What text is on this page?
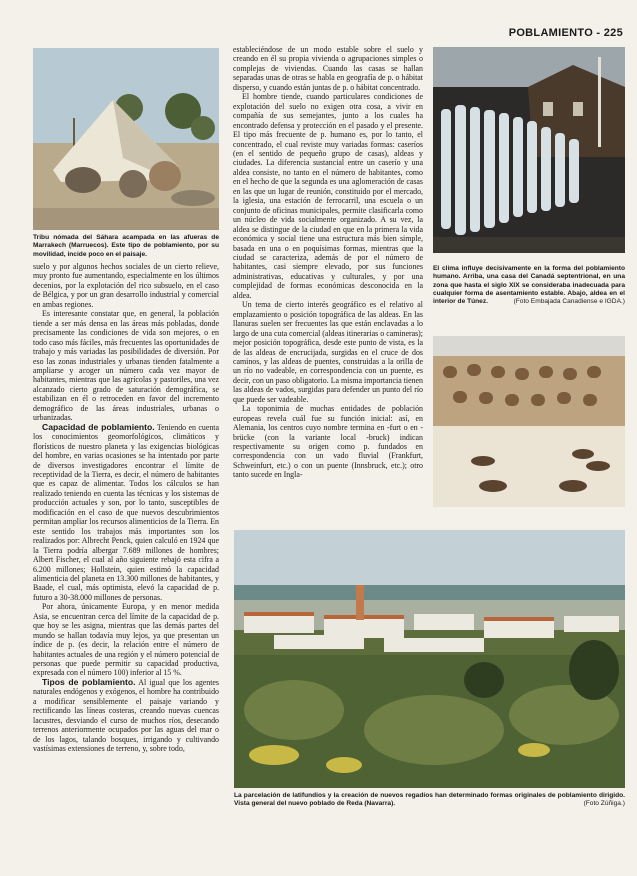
POBLAMIENTO - 225
Tribu nómada del Sáhara acampada en las afueras de Marrakech (Marruecos). Este tipo de poblamiento, por su movilidad, incide poco en el paisaje.
El clima influye decisivamente en la forma del poblamiento humano. Arriba, una casa del Canadá septentrional, en una zona que hasta el siglo XIX se consideraba inadecuada para cualquier forma de asentamiento estable. Abajo, aldea en el interior de Túnez.	(Foto Embajada Canadiense e IGDA.)
La parcelación de latifundios y la creación de nuevos regadíos han determinado formas originales de poblamiento dirigido. Vista general del nuevo poblado de Reda (Navarra).	(Foto Zúñiga.)

suelo y por algunos hechos sociales de un cierto relieve, muy pronto fue aumentando, especialmente en los últimos decenios, por la explotación del rico subsuelo, en el caso de Bélgica, y por un gran desarrollo industrial y comercial en ambas regiones.

Es interesante constatar que, en general, la población tiende a ser más densa en las áreas más pobladas, donde precisamente las condiciones de vida son mejores, o en todo caso más fáciles, más frecuentes las oportunidades de trabajo y más variadas las posibilidades de diversión. Por eso las zonas industriales y urbanas tienden fatalmente a ampliarse y acoger un número cada vez mayor de habitantes, mientras que las agrícolas y pastoriles, una vez alcanzado cierto grado de saturación demográfica, se estabilizan en él o retroceden en favor del incremento demográfico de las áreas industriales, urbanas o urbanizadas.

Capacidad de poblamiento. Teniendo en cuenta los conocimientos geomorfológicos, climáticos y florísticos de nuestro planeta y las exigencias biológicas del hombre, en varias ocasiones se ha intentado por parte de diversos investigadores encontrar el límite de receptividad de la Tierra, es decir, el número de habitantes que es capaz de alimentar. Todos los cálculos se han realizado teniendo en cuenta las técnicas y los sistemas de producción actuales y son, por lo tanto, susceptibles de modificación en el caso de que nuevos descubrimientos permitan ampliar los recursos alimenticios de la Tierra. En este sentido los trabajos más importantes son los realizados por: Albrecht Penck, quien calculó en 1924 que la Tierra podría albergar 7.689 millones de hombres; Albert Fischer, el cual al año siguiente rebajó esta cifra a 6.200 millones; Hollstein, quien estimó la capacidad alimenticia del planeta en 13.300 millones de habitantes, y Baade, el cual, más optimista, elevó la capacidad de p. futuro a 30-38.000 millones de personas.

Por ahora, únicamente Europa, y en menor medida Asia, se encuentran cerca del límite de la capacidad de p. que hoy se les asigna, mientras que las demás partes del mundo se hallan todavía muy lejos, ya que presentan un índice de p. (es decir, la relación entre el número de habitantes actuales de una región y el número potencial de personas que puede permitir su capacidad productiva, expresada con el número 100) inferior al 15 %.

Tipos de poblamiento. Al igual que los agentes naturales endógenos y exógenos, el hombre ha contribuido a modificar sensiblemente el paisaje variando y rectificando las líneas costeras, creando nuevas cuencas lacustres, desviando el curso de muchos ríos, desecando terrenos anteriormente ocupados por las aguas del mar o de los lagos, talando bosques, irrigando y cultivando vastísimas extensiones de terreno, y, sobre todo,

estableciéndose de un modo estable sobre el suelo y creando en él su propia vivienda o agrupaciones simples o complejas de viviendas. Cuando las casas se hallan separadas unas de otras se habla en geografía de p. o hábitat disperso, y cuando están juntas de p. o hábitat concentrado.

El hombre tiende, cuando particulares condiciones de explotación del suelo no exigen otra cosa, a vivir en compañía de sus semejantes, junto a los cuales ha encontrado defensa y protección en el pasado y el presente. El tipo más frecuente de p. humano es, por lo tanto, el concentrado, el cual reviste muy variadas formas: caseríos (en el sentido de pequeño grupo de casas), aldeas y ciudades. La diferencia sustancial entre un caserío y una aldea consiste, no tanto en el número de habitantes, como en el hecho de que la segunda es una aglomeración de casas en las que un lugar de reunión, constituido por el mercado, la iglesia, una estación de ferrocarril, una escuela o un conjunto de oficinas municipales, permite clasificarla como un núcleo de vida socialmente organizado. A su vez, la aldea se distingue de la ciudad en que en la primera la vida económica y social tiene una estructura más bien simple, basada en una o en poquísimas formas, mientras que la ciudad se caracteriza, además de por el número de habitantes, casi siempre elevado, por sus funciones administrativas, educativas y culturales, y por una complejidad de formas económicas desconocida en la aldea.

Un tema de cierto interés geográfico es el relativo al emplazamiento o posición topográfica de las aldeas. En las llanuras suelen ser frecuentes las que están enclavadas a lo largo de una cuta comercial (aldeas itinerarias o camineras); mejor posición topográfica, desde este punto de vista, es la de las aldeas de encrucijada, surgidas en el cruce de dos caminos, y las aldeas de puentes, construidas a la orilla de un río no vadeable, en correspondencia con un puente, es decir, con un paso obligatorio. La misma importancia tienen las aldeas de vados, surgidas para defender un punto del río que puede ser vadeable.

La toponimia de muchas entidades de población europeas revela cuál fue su función inicial: así, en Alemania, los centros cuyo nombre termina en -furt o en -brücke (con la variante local -bruck) indican respectivamente su origen como p. fundados en correspondencia con un vado fluvial (Frankfurt, Schweinfurt, etc.) o con un puente (Innsbruck, etc.); otro tanto sucede en Ingla-
